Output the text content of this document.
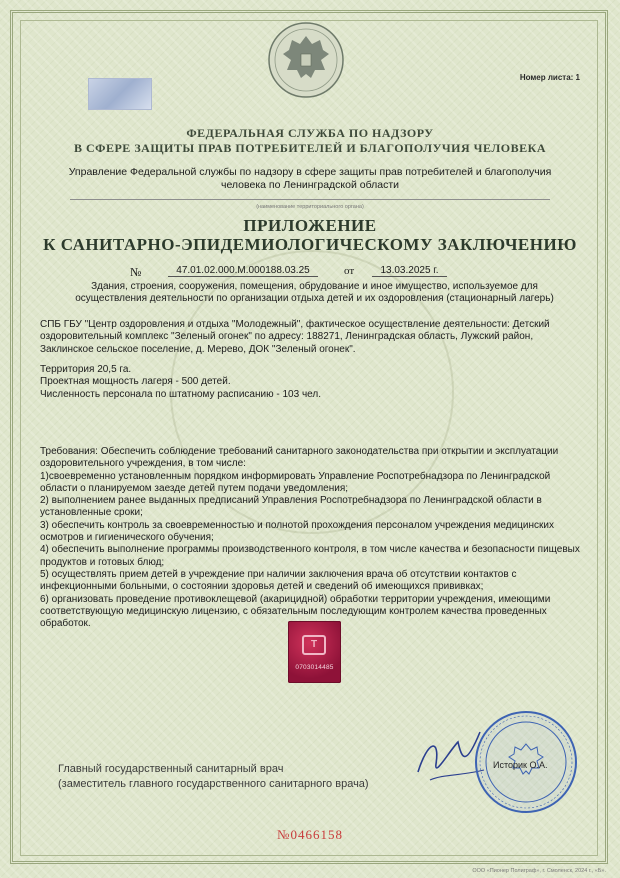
Номер листа: 1
ФЕДЕРАЛЬНАЯ СЛУЖБА ПО НАДЗОРУ
В СФЕРЕ ЗАЩИТЫ ПРАВ ПОТРЕБИТЕЛЕЙ И БЛАГОПОЛУЧИЯ ЧЕЛОВЕКА
Управление Федеральной службы по надзору в сфере защиты прав потребителей и благополучия человека по Ленинградской области
(наименование территориального органа)
ПРИЛОЖЕНИЕ
К САНИТАРНО-ЭПИДЕМИОЛОГИЧЕСКОМУ ЗАКЛЮЧЕНИЮ
№	47.01.02.000.М.000188.03.25	от	13.03.2025 г.
Здания, строения, сооружения, помещения, обрудование и иное имущество, используемое для осуществления деятельности по организации отдыха детей и их оздоровления (стационарный лагерь)
СПБ ГБУ "Центр оздоровления и отдыха "Молодежный", фактическое осуществление деятельности: Детский оздоровительный комплекс "Зеленый огонек" по адресу: 188271, Ленинградская область, Лужский район, Заклинское сельское поселение, д. Мерево, ДОК "Зеленый огонек".
Территория 20,5 га.
Проектная мощность лагеря - 500 детей.
Численность персонала по штатному расписанию - 103 чел.
Требования: Обеспечить соблюдение требований санитарного законодательства при открытии и эксплуатации оздоровительного учреждения, в том числе:
1)своевременно установленным порядком информировать Управление Роспотребнадзора по Ленинградской области о планируемом заезде детей путем подачи уведомления;
2) выполнением ранее выданных предписаний Управления Роспотребнадзора по Ленинградской области в установленные сроки;
3) обеспечить контроль за своевременностью и полнотой прохождения персоналом учреждения медицинских осмотров и гигиенического обучения;
4) обеспечить выполнение программы производственного контроля, в том числе качества и безопасности пищевых продуктов и готовых блюд;
5) осуществлять прием детей в учреждение при наличии заключения врача об отсутствии контактов с инфекционными больными, о состоянии здоровья детей и сведений об имеющихся прививках;
6) организовать проведение противоклещевой (акарицидной) обработки территории учреждения, имеющими соответствующую медицинскую лицензию, с обязательным последующим контролем качества проведенных обработок.
Т
0703014485
Главный государственный санитарный врач
(заместитель главного государственного санитарного врача)
Историк О.А.
№0466158
ООО «Пионер Полиграф», г. Смоленск, 2024 г., «Б».
